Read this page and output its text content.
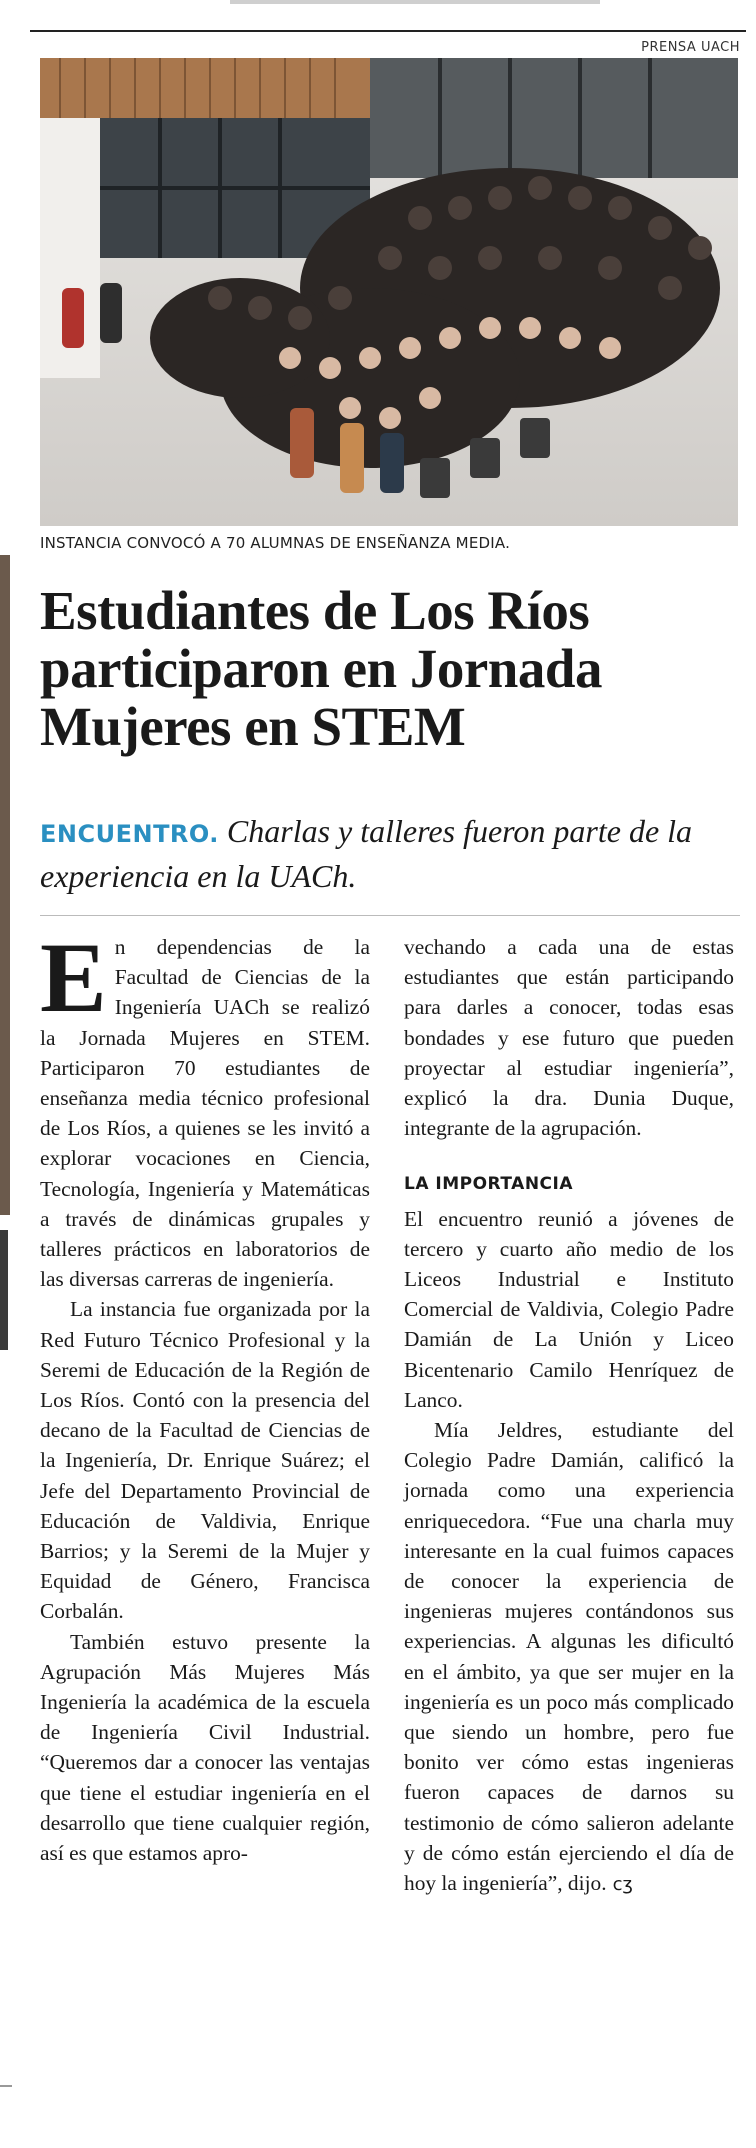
PRENSA UACH
INSTANCIA CONVOCÓ A 70 ALUMNAS DE ENSEÑANZA MEDIA.
Estudiantes de Los Ríos
participaron en Jornada
Mujeres en STEM
ENCUENTRO. Charlas y talleres fueron parte de la experiencia en la UACh.

En dependencias de la Facultad de Ciencias de la Ingeniería UACh se realizó la Jornada Mujeres en STEM. Participaron 70 estudiantes de enseñanza media técnico profesional de Los Ríos, a quienes se les invitó a explorar vocaciones en Ciencia, Tecnología, Ingeniería y Matemáticas a través de dinámicas grupales y talleres prácticos en laboratorios de las diversas carreras de ingeniería.

La instancia fue organizada por la Red Futuro Técnico Profesional y la Seremi de Educación de la Región de Los Ríos. Contó con la presencia del decano de la Facultad de Ciencias de la Ingeniería, Dr. Enrique Suárez; el Jefe del Departamento Provincial de Educación de Valdivia, Enrique Barrios; y la Seremi de la Mujer y Equidad de Género, Francisca Corbalán.

También estuvo presente la Agrupación Más Mujeres Más Ingeniería la académica de la escuela de Ingeniería Civil Industrial. “Queremos dar a conocer las ventajas que tiene el estudiar ingeniería en el desarrollo que tiene cualquier región, así es que estamos apro-

vechando a cada una de estas estudiantes que están participando para darles a conocer, todas esas bondades y ese futuro que pueden proyectar al estudiar ingeniería”, explicó la dra. Dunia Duque, integrante de la agrupación.

LA IMPORTANCIA

El encuentro reunió a jóvenes de tercero y cuarto año medio de los Liceos Industrial e Instituto Comercial de Valdivia, Colegio Padre Damián de La Unión y Liceo Bicentenario Camilo Henríquez de Lanco.

Mía Jeldres, estudiante del Colegio Padre Damián, calificó la jornada como una experiencia enriquecedora. “Fue una charla muy interesante en la cual fuimos capaces de conocer la experiencia de ingenieras mujeres contándonos sus experiencias. A algunas les dificultó en el ámbito, ya que ser mujer en la ingeniería es un poco más complicado que siendo un hombre, pero fue bonito ver cómo estas ingenieras fueron capaces de darnos su testimonio de cómo salieron adelante y de cómo están ejerciendo el día de hoy la ingeniería”, dijo. ᴄʒ
